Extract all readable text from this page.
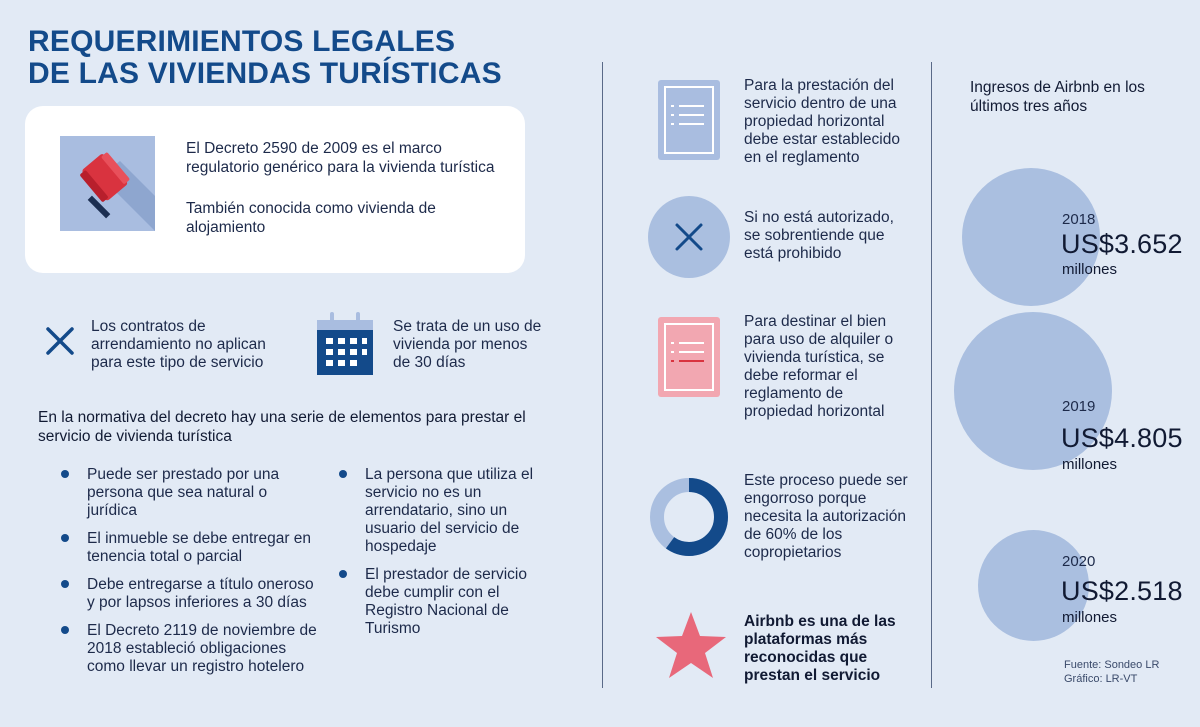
REQUERIMIENTOS LEGALES
DE LAS VIVIENDAS TURÍSTICAS
El Decreto 2590 de 2009 es el marco regulatorio genérico para la vivienda turística
También conocida como vivienda de alojamiento
Los contratos de arrendamiento no aplican para este tipo de servicio
Se trata de un uso de vivienda por menos de 30 días
En la normativa del decreto hay una serie de elementos para prestar el servicio de vivienda turística
Puede ser prestado por una persona que sea natural o jurídica
El inmueble se debe entregar en tenencia total o parcial
Debe entregarse a título oneroso y por lapsos inferiores a 30 días
El Decreto 2119 de noviembre de 2018 estableció obligaciones como llevar un registro hotelero
La persona que utiliza el servicio no es un arrendatario, sino un usuario del servicio de hospedaje
El prestador de servicio debe cumplir con el Registro Nacional de Turismo
Para la prestación del servicio dentro de una propiedad horizontal debe estar establecido en el reglamento
Si no está autorizado, se sobrentiende que está prohibido
Para destinar el bien para uso de alquiler o vivienda turística, se debe reformar el reglamento de propiedad horizontal
Este proceso puede ser engorroso porque necesita la autorización de 60% de los copropietarios
Airbnb es una de las plataformas más reconocidas que prestan el servicio
Ingresos de Airbnb en los últimos tres años
2018
US$3.652
millones
2019
US$4.805
millones
2020
US$2.518
millones
Fuente: Sondeo LR
Gráfico: LR-VT
